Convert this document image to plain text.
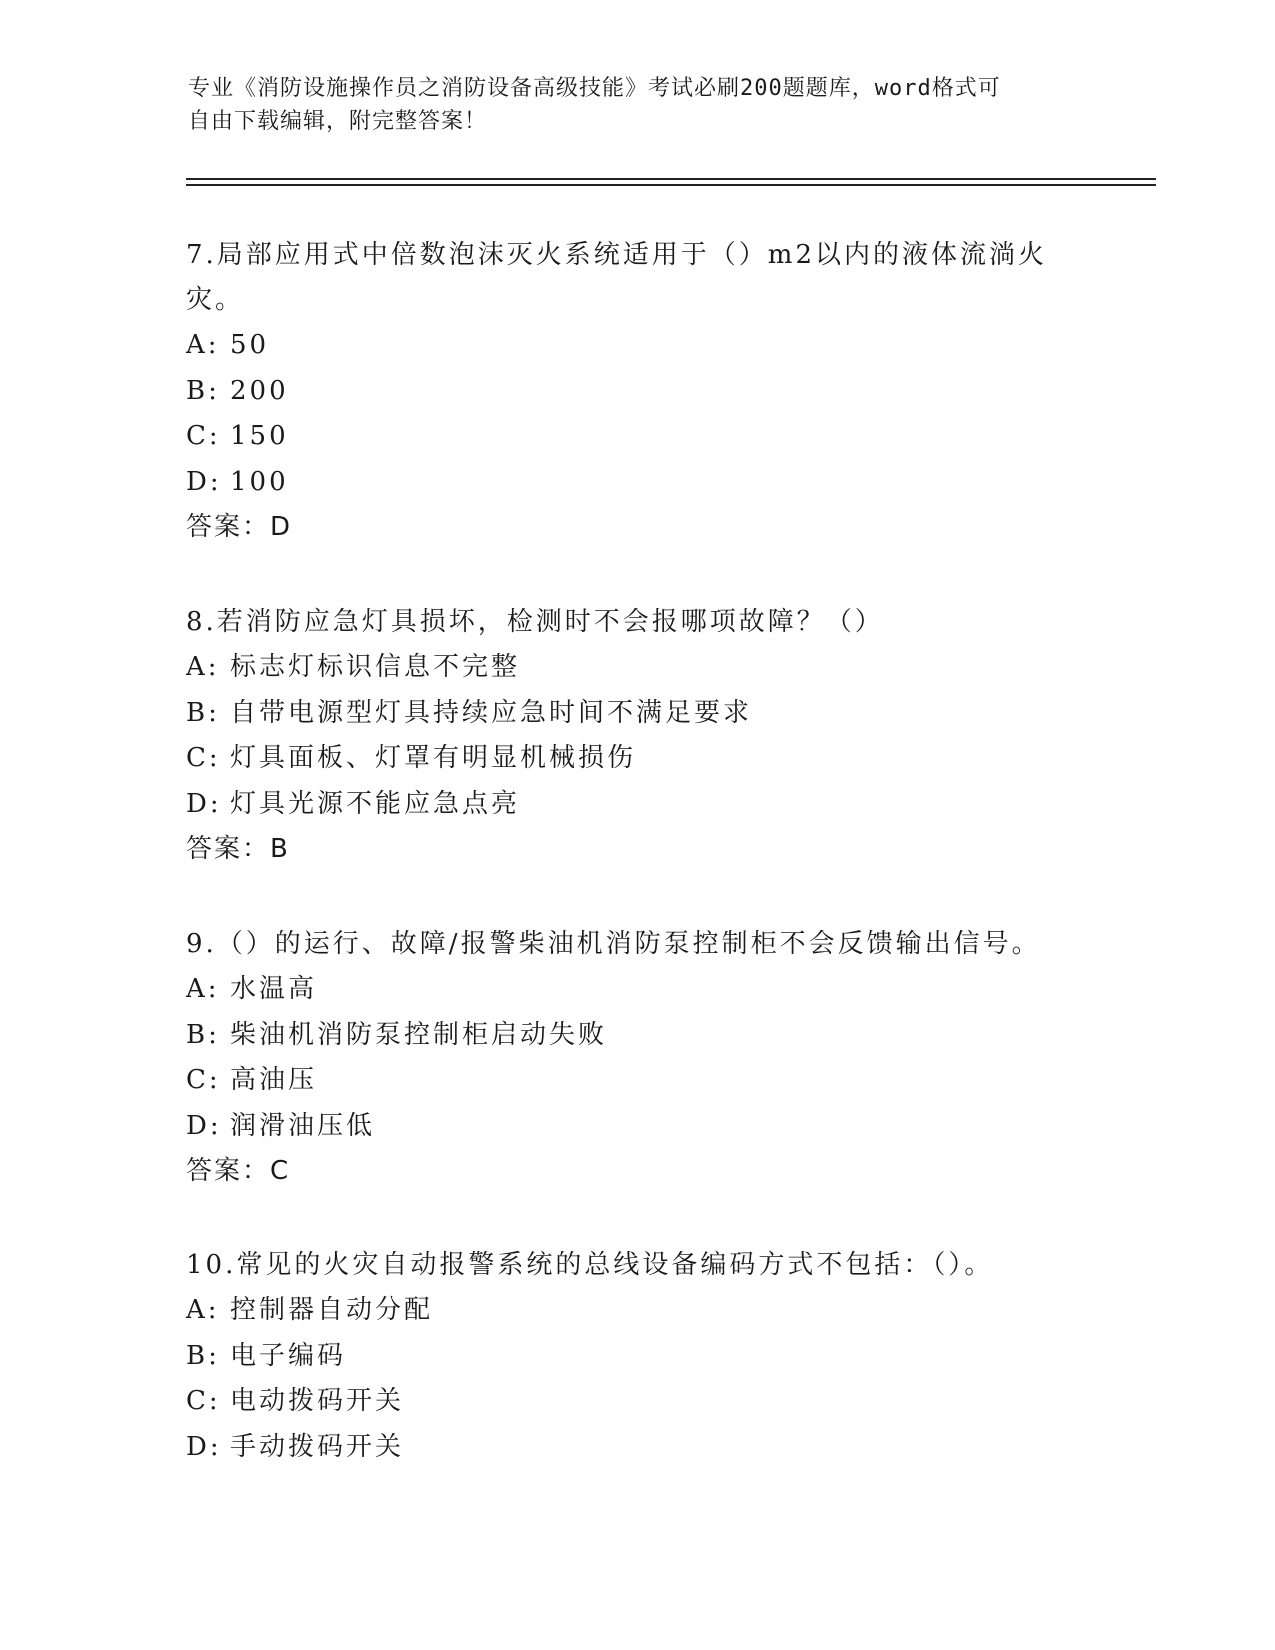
专业《消防设施操作员之消防设备高级技能》考试必刷200题题库，word格式可
自由下载编辑，附完整答案！

7.局部应用式中倍数泡沫灭火系统适用于（）m2以内的液体流淌火灾。

A: 50
B: 200
C: 150
D: 100
答案：D

8.若消防应急灯具损坏，检测时不会报哪项故障？（）

A: 标志灯标识信息不完整
B: 自带电源型灯具持续应急时间不满足要求
C: 灯具面板、灯罩有明显机械损伤
D: 灯具光源不能应急点亮
答案：B

9.（）的运行、故障/报警柴油机消防泵控制柜不会反馈输出信号。

A: 水温高
B: 柴油机消防泵控制柜启动失败
C: 高油压
D: 润滑油压低
答案：C

10.常见的火灾自动报警系统的总线设备编码方式不包括：（）。

A: 控制器自动分配
B: 电子编码
C: 电动拨码开关
D: 手动拨码开关
